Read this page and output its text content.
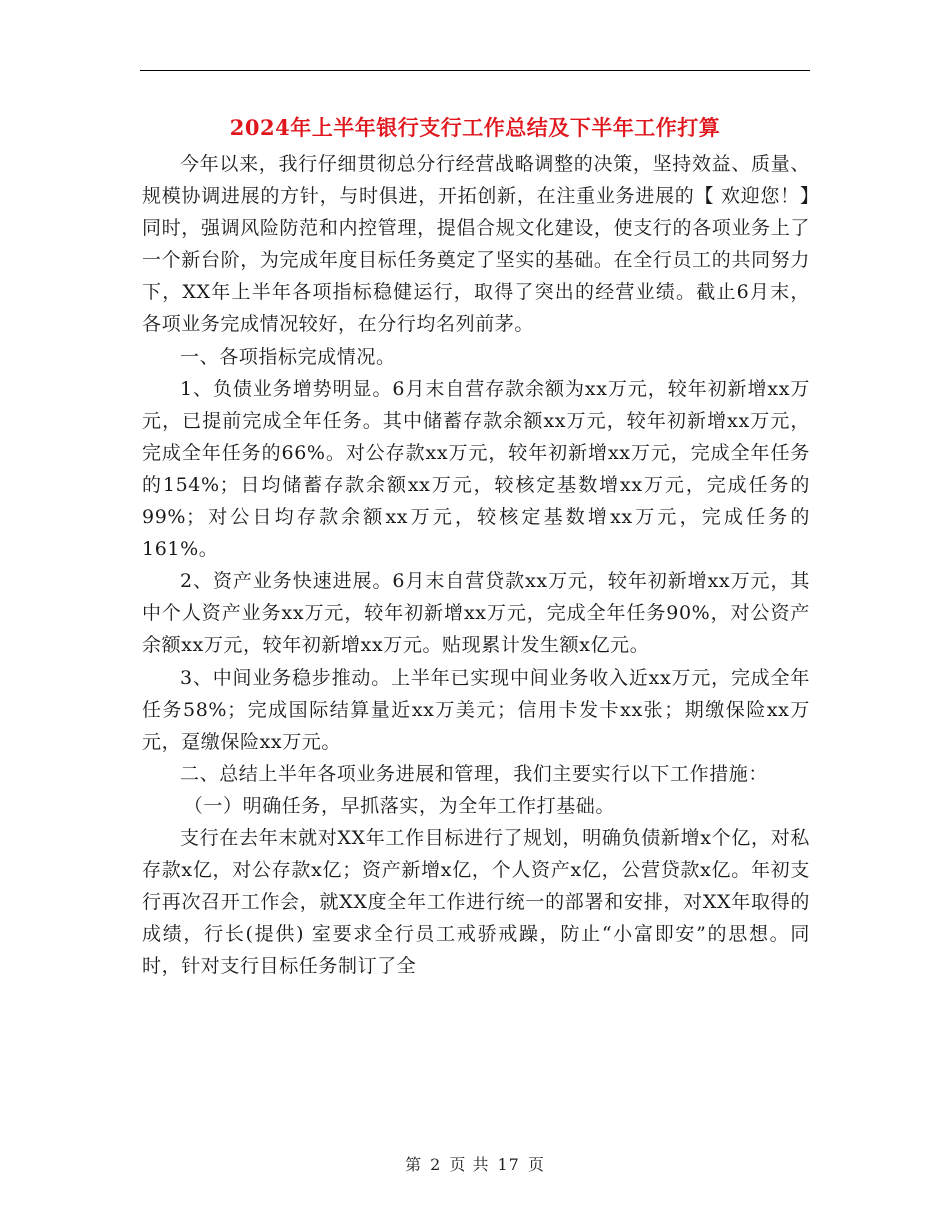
2024年上半年银行支行工作总结及下半年工作打算

今年以来，我行仔细贯彻总分行经营战略调整的决策，坚持效益、质量、规模协调进展的方针，与时俱进，开拓创新，在注重业务进展的【 欢迎您！】同时，强调风险防范和内控管理，提倡合规文化建设，使支行的各项业务上了一个新台阶，为完成年度目标任务奠定了坚实的基础。在全行员工的共同努力下，XX年上半年各项指标稳健运行，取得了突出的经营业绩。截止6月末，各项业务完成情况较好，在分行均名列前茅。

一、各项指标完成情况。

1、负债业务增势明显。6月末自营存款余额为xx万元，较年初新增xx万元，已提前完成全年任务。其中储蓄存款余额xx万元，较年初新增xx万元，完成全年任务的66%。对公存款xx万元，较年初新增xx万元，完成全年任务的154%；日均储蓄存款余额xx万元，较核定基数增xx万元，完成任务的99%；对公日均存款余额xx万元，较核定基数增xx万元，完成任务的161%。

2、资产业务快速进展。6月末自营贷款xx万元，较年初新增xx万元，其中个人资产业务xx万元，较年初新增xx万元，完成全年任务90%，对公资产余额xx万元，较年初新增xx万元。贴现累计发生额x亿元。

3、中间业务稳步推动。上半年已实现中间业务收入近xx万元，完成全年任务58%；完成国际结算量近xx万美元；信用卡发卡xx张；期缴保险xx万元，趸缴保险xx万元。

二、总结上半年各项业务进展和管理，我们主要实行以下工作措施：

（一）明确任务，早抓落实，为全年工作打基础。

支行在去年末就对XX年工作目标进行了规划，明确负债新增x个亿，对私存款x亿，对公存款x亿；资产新增x亿，个人资产x亿，公营贷款x亿。年初支行再次召开工作会，就XX度全年工作进行统一的部署和安排，对XX年取得的成绩，行长(提供) 室要求全行员工戒骄戒躁，防止“小富即安”的思想。同时，针对支行目标任务制订了全

第 2 页 共 17 页
